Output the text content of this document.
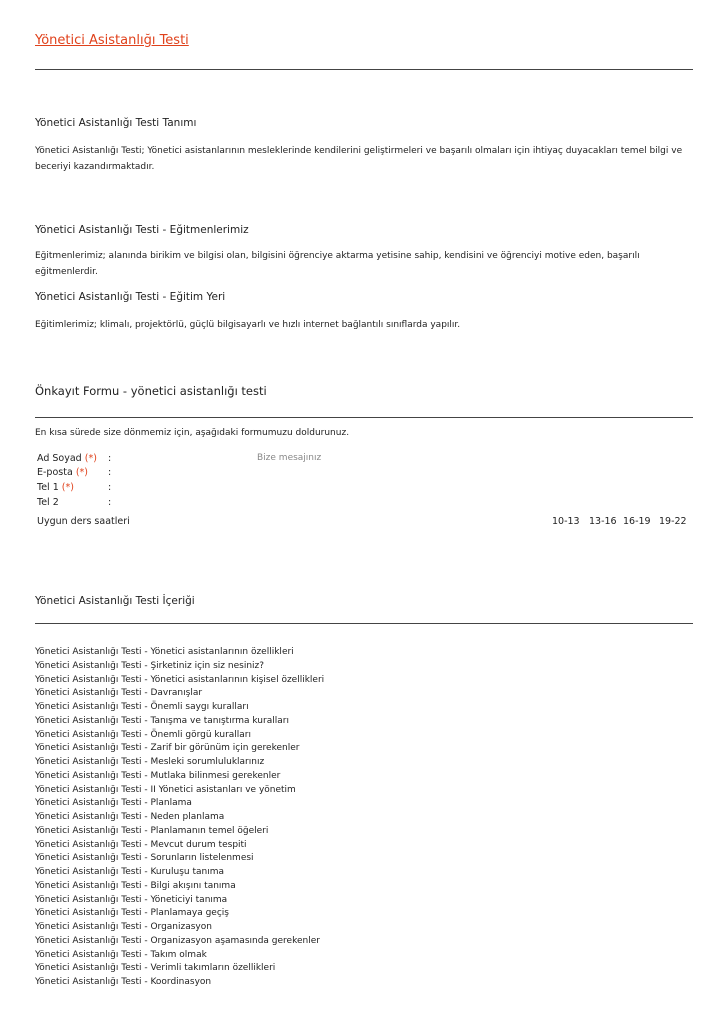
Yönetici Asistanlığı Testi
Yönetici Asistanlığı Testi Tanımı
Yönetici Asistanlığı Testi; Yönetici asistanlarının mesleklerinde kendilerini geliştirmeleri ve başarılı olmaları için ihtiyaç duyacakları temel bilgi ve beceriyi kazandırmaktadır.
Yönetici Asistanlığı Testi - Eğitmenlerimiz
Eğitmenlerimiz; alanında birikim ve bilgisi olan, bilgisini öğrenciye aktarma yetisine sahip, kendisini ve öğrenciyi motive eden, başarılı eğitmenlerdir.
Yönetici Asistanlığı Testi - Eğitim Yeri
Eğitimlerimiz; klimalı, projektörlü, güçlü bilgisayarlı ve hızlı internet bağlantılı sınıflarda yapılır.
Önkayıt Formu - yönetici asistanlığı testi
En kısa sürede size dönmemiz için, aşağıdaki formumuzu doldurunuz.
Ad Soyad (*) :
E-posta (*) :
Tel 1 (*)	:
Tel 2	:
Bize mesajınız
Uygun ders saatleri	10-13 13-16 16-19 19-22
Yönetici Asistanlığı Testi İçeriği
Yönetici Asistanlığı Testi - Yönetici asistanlarının özellikleri
Yönetici Asistanlığı Testi - Şirketiniz için siz nesiniz?
Yönetici Asistanlığı Testi - Yönetici asistanlarının kişisel özellikleri
Yönetici Asistanlığı Testi - Davranışlar
Yönetici Asistanlığı Testi - Önemli saygı kuralları
Yönetici Asistanlığı Testi - Tanışma ve tanıştırma kuralları
Yönetici Asistanlığı Testi - Önemli görgü kuralları
Yönetici Asistanlığı Testi - Zarif bir görünüm için gerekenler
Yönetici Asistanlığı Testi - Mesleki sorumluluklarınız
Yönetici Asistanlığı Testi - Mutlaka bilinmesi gerekenler
Yönetici Asistanlığı Testi - II Yönetici asistanları ve yönetim
Yönetici Asistanlığı Testi - Planlama
Yönetici Asistanlığı Testi - Neden planlama
Yönetici Asistanlığı Testi - Planlamanın temel öğeleri
Yönetici Asistanlığı Testi - Mevcut durum tespiti
Yönetici Asistanlığı Testi - Sorunların listelenmesi
Yönetici Asistanlığı Testi - Kuruluşu tanıma
Yönetici Asistanlığı Testi - Bilgi akışını tanıma
Yönetici Asistanlığı Testi - Yöneticiyi tanıma
Yönetici Asistanlığı Testi - Planlamaya geçiş
Yönetici Asistanlığı Testi - Organizasyon
Yönetici Asistanlığı Testi - Organizasyon aşamasında gerekenler
Yönetici Asistanlığı Testi - Takım olmak
Yönetici Asistanlığı Testi - Verimli takımların özellikleri
Yönetici Asistanlığı Testi - Koordinasyon
